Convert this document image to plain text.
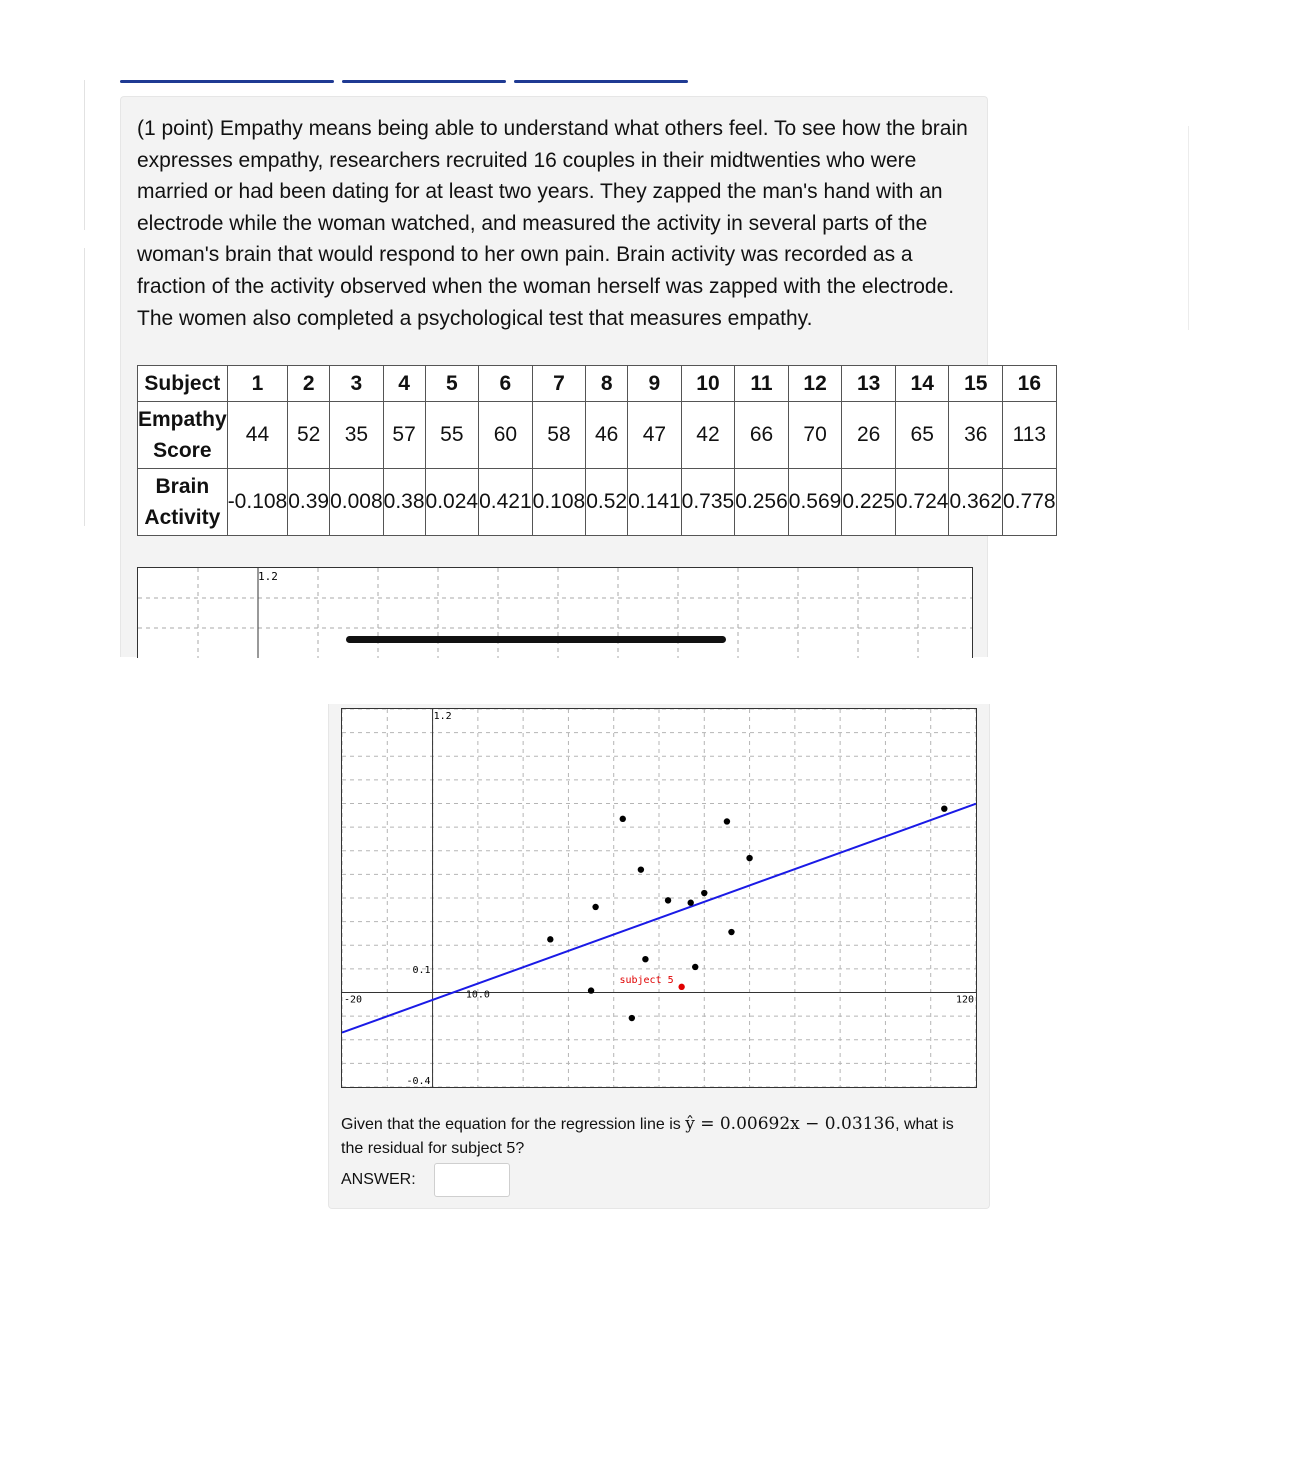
(1 point) Empathy means being able to understand what others feel. To see how the brain expresses empathy, researchers recruited 16 couples in their midtwenties who were married or had been dating for at least two years. They zapped the man's hand with an electrode while the woman watched, and measured the activity in several parts of the woman's brain that would respond to her own pain. Brain activity was recorded as a fraction of the activity observed when the woman herself was zapped with the electrode. The women also completed a psychological test that measures empathy.

Subject	1	2	3	4	5	6	7	8	9	10	11	12	13	14	15	16
Empathy Score	44	52	35	57	55	60	58	46	47	42	66	70	26	65	36	113
Brain Activity	-0.108	0.39	0.008	0.38	0.024	0.421	0.108	0.52	0.141	0.735	0.256	0.569	0.225	0.724	0.362	0.778
1.2
1.2
-0.4
-20	120
10.0
0.1
subject 5

Given that the equation for the regression line is ŷ = 0.00692x − 0.03136, what is the residual for subject 5?

ANSWER:
